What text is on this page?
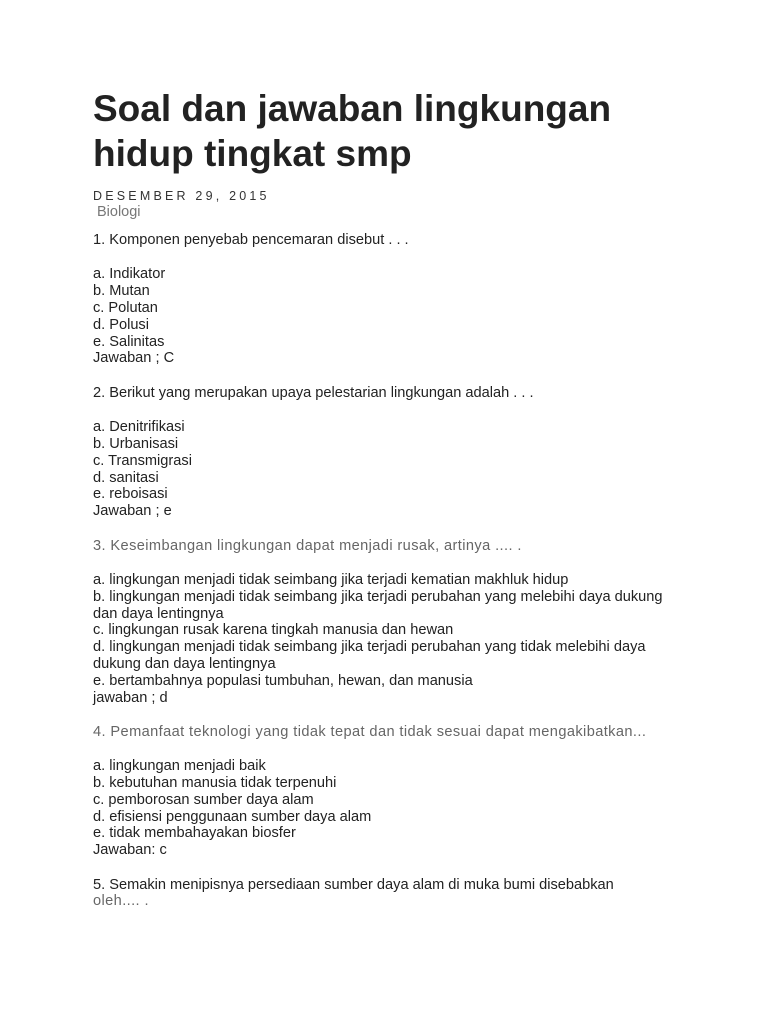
Soal dan jawaban lingkungan hidup tingkat smp
DESEMBER 29, 2015
Biologi

1. Komponen penyebab pencemaran disebut . . .

a. Indikator
b. Mutan
c. Polutan
d. Polusi
e. Salinitas
Jawaban ; C

2. Berikut yang merupakan upaya pelestarian lingkungan adalah . . .

a. Denitrifikasi
b. Urbanisasi
c. Transmigrasi
d. sanitasi
e. reboisasi
Jawaban ; e

3. Keseimbangan lingkungan dapat menjadi rusak, artinya .... .

a. lingkungan menjadi tidak seimbang jika terjadi kematian makhluk hidup
b. lingkungan menjadi tidak seimbang jika terjadi perubahan yang melebihi daya dukung dan daya lentingnya
c. lingkungan rusak karena tingkah manusia dan hewan
d. lingkungan menjadi tidak seimbang jika terjadi perubahan yang tidak melebihi daya dukung dan daya lentingnya
e. bertambahnya populasi tumbuhan, hewan, dan manusia
jawaban ; d

4. Pemanfaat teknologi yang tidak tepat dan tidak sesuai dapat mengakibatkan...

a. lingkungan menjadi baik
b. kebutuhan manusia tidak terpenuhi
c. pemborosan sumber daya alam
d. efisiensi penggunaan sumber daya alam
e. tidak membahayakan biosfer
Jawaban: c

5. Semakin menipisnya persediaan sumber daya alam di muka bumi disebabkan

oleh.... .
